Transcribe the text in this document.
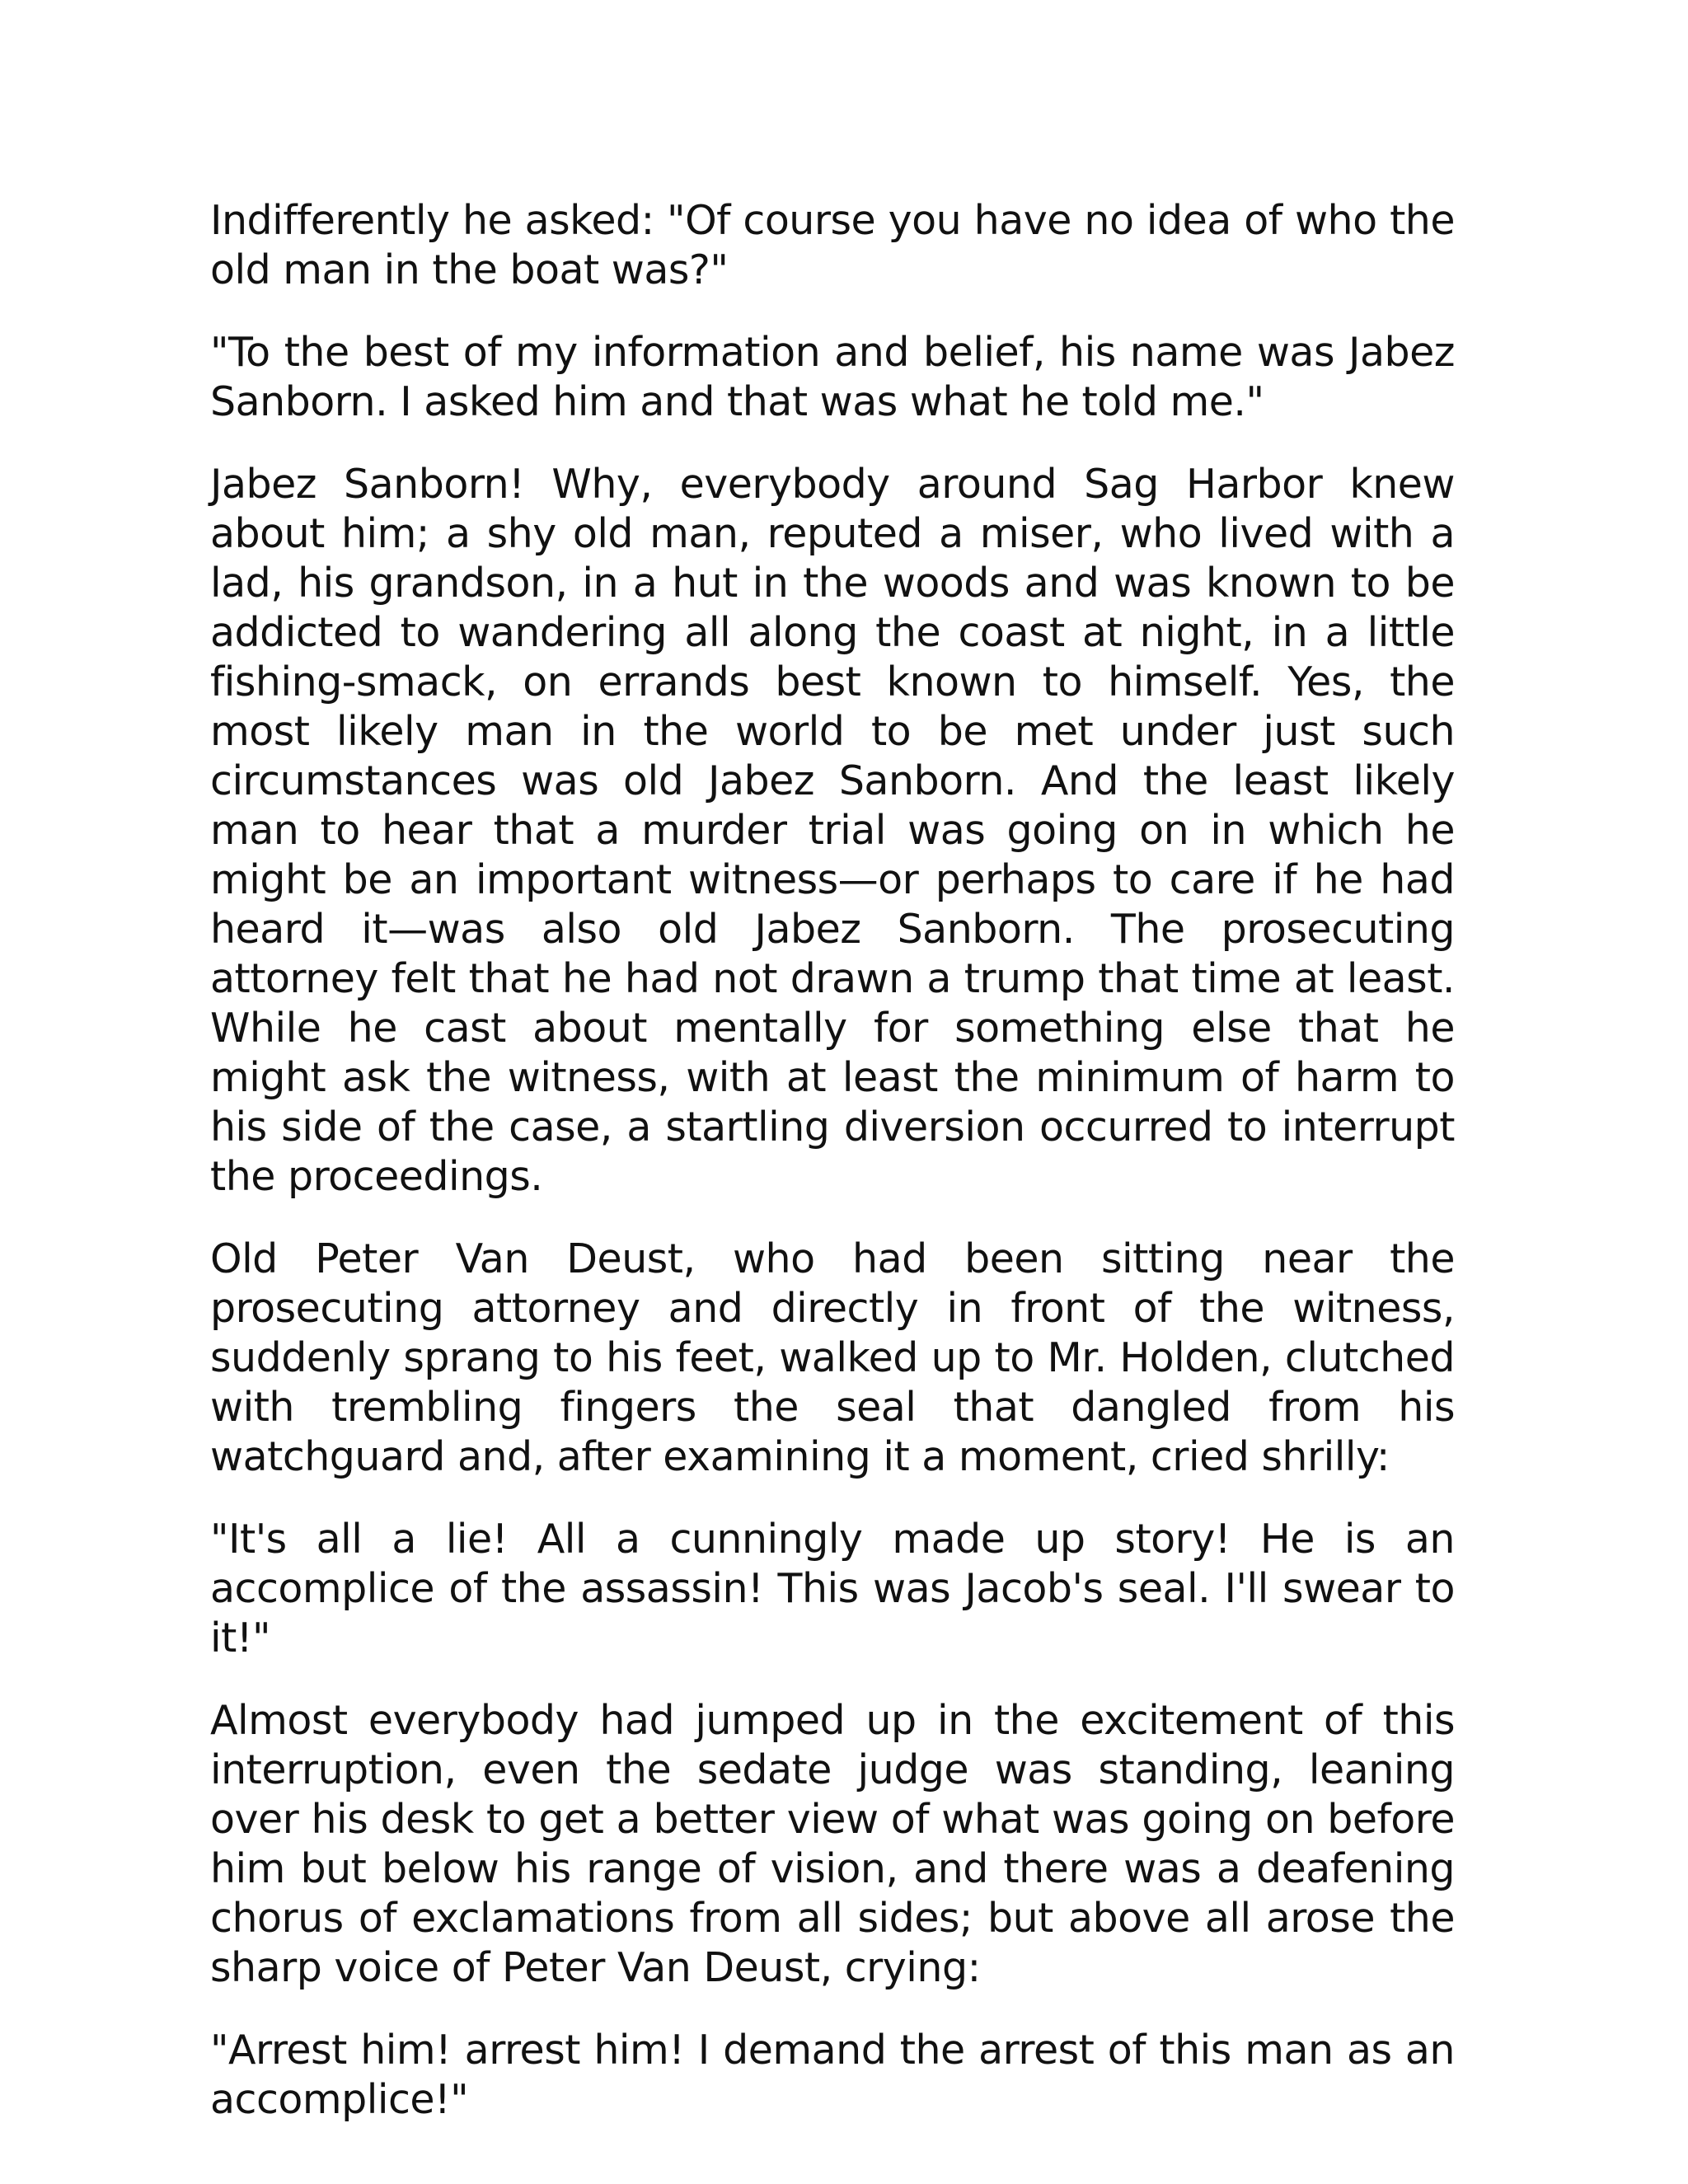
Indifferently he asked: "Of course you have no idea of who the old man in the boat was?"

"To the best of my information and belief, his name was Jabez Sanborn. I asked him and that was what he told me."

Jabez Sanborn! Why, everybody around Sag Harbor knew about him; a shy old man, reputed a miser, who lived with a lad, his grandson, in a hut in the woods and was known to be addicted to wandering all along the coast at night, in a little fishing-smack, on errands best known to himself. Yes, the most likely man in the world to be met under just such circumstances was old Jabez Sanborn. And the least likely man to hear that a murder trial was going on in which he might be an important witness—or perhaps to care if he had heard it—was also old Jabez Sanborn. The prosecuting attorney felt that he had not drawn a trump that time at least. While he cast about mentally for something else that he might ask the witness, with at least the minimum of harm to his side of the case, a startling diversion occurred to interrupt the proceedings.

Old Peter Van Deust, who had been sitting near the prosecuting attorney and directly in front of the witness, suddenly sprang to his feet, walked up to Mr. Holden, clutched with trembling fingers the seal that dangled from his watchguard and, after examining it a moment, cried shrilly:

"It's all a lie! All a cunningly made up story! He is an accomplice of the assassin! This was Jacob's seal. I'll swear to it!"

Almost everybody had jumped up in the excitement of this interruption, even the sedate judge was standing, leaning over his desk to get a better view of what was going on before him but below his range of vision, and there was a deafening chorus of exclamations from all sides; but above all arose the sharp voice of Peter Van Deust, crying:

"Arrest him! arrest him! I demand the arrest of this man as an accomplice!"
